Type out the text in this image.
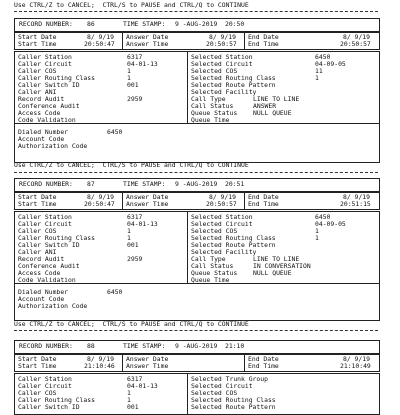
Use CTRL/Z to CANCEL;  CTRL/S to PAUSE and CTRL/Q to CONTINUE
RECORD NUMBER: 86	TIME STAMP: 9 -AUG-2019  20:50
Start Date	8/ 9/19
Start Time	20:50:47
Answer Date	8/ 9/19
Answer Time	20:50:57
End Date	8/ 9/19
End Time	20:50:57
Caller Station	6317
Caller Circuit	04-01-13
Caller COS	1
Caller Routing Class	1
Caller Switch ID	001
Caller ANI
Record Audit	2959
Conference Audit
Access Code
Code Validation
Selected Station	6450
Selected Circuit	04-09-05
Selected COS	11
Selected Routing Class	1
Selected Route Pattern
Selected Facility
Call Type	LINE TO LINE
Call Status	ANSWER
Queue Status NULL QUEUE
Queue Time
Dialed Number	6450
Account Code
Authorization Code
Use CTRL/Z to CANCEL;  CTRL/S to PAUSE and CTRL/Q to CONTINUE
RECORD NUMBER: 87	TIME STAMP: 9 -AUG-2019  20:51
Start Date	8/ 9/19
Start Time	20:50:47
Answer Date	8/ 9/19
Answer Time	20:50:57
End Date	8/ 9/19
End Time	20:51:15
Caller Station	6317
Caller Circuit	04-01-13
Caller COS	1
Caller Routing Class	1
Caller Switch ID	001
Caller ANI
Record Audit	2959
Conference Audit
Access Code
Code Validation
Selected Station	6450
Selected Circuit	04-09-05
Selected COS	1
Selected Routing Class	1
Selected Route Pattern
Selected Facility
Call Type	LINE TO LINE
Call Status	IN CONVERSATION
Queue Status NULL QUEUE
Queue Time
Dialed Number	6450
Account Code
Authorization Code
Use CTRL/Z to CANCEL;  CTRL/S to PAUSE and CTRL/Q to CONTINUE
RECORD NUMBER: 88	TIME STAMP: 9 -AUG-2019  21:10
Start Date	8/ 9/19
Start Time	21:10:46
Answer Date
Answer Time
End Date	8/ 9/19
End Time	21:10:49
Caller Station	6317
Caller Circuit	04-01-13
Caller COS	1
Caller Routing Class	1
Caller Switch ID	001
Selected Trunk Group
Selected Circuit
Selected COS
Selected Routing Class
Selected Route Pattern
